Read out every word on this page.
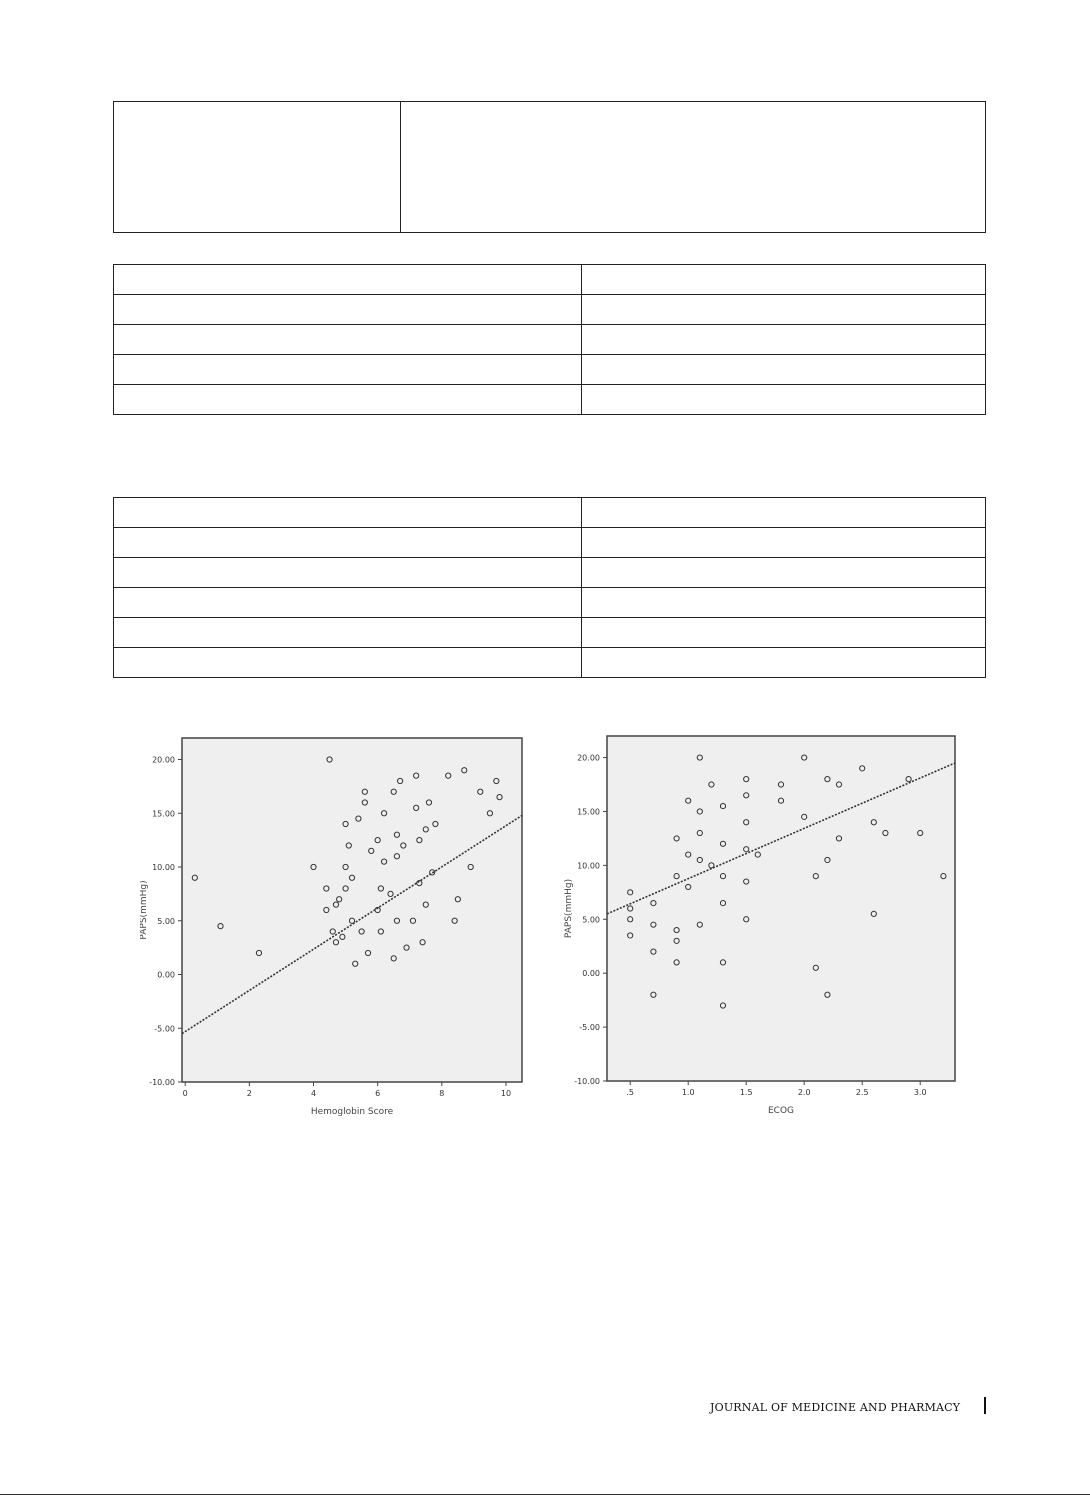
-10.00
-5.00
0.00
5.00
10.00
15.00
20.00
0	2	4	6	8	10
Hemoglobin Score
PAPS(mmHg)
-10.00
-5.00
0.00
5.00
10.00
15.00
20.00
.5	1.0	1.5	2.0	2.5	3.0
ECOG
PAPS(mmHg)
JOURNAL OF MEDICINE AND PHARMACY
